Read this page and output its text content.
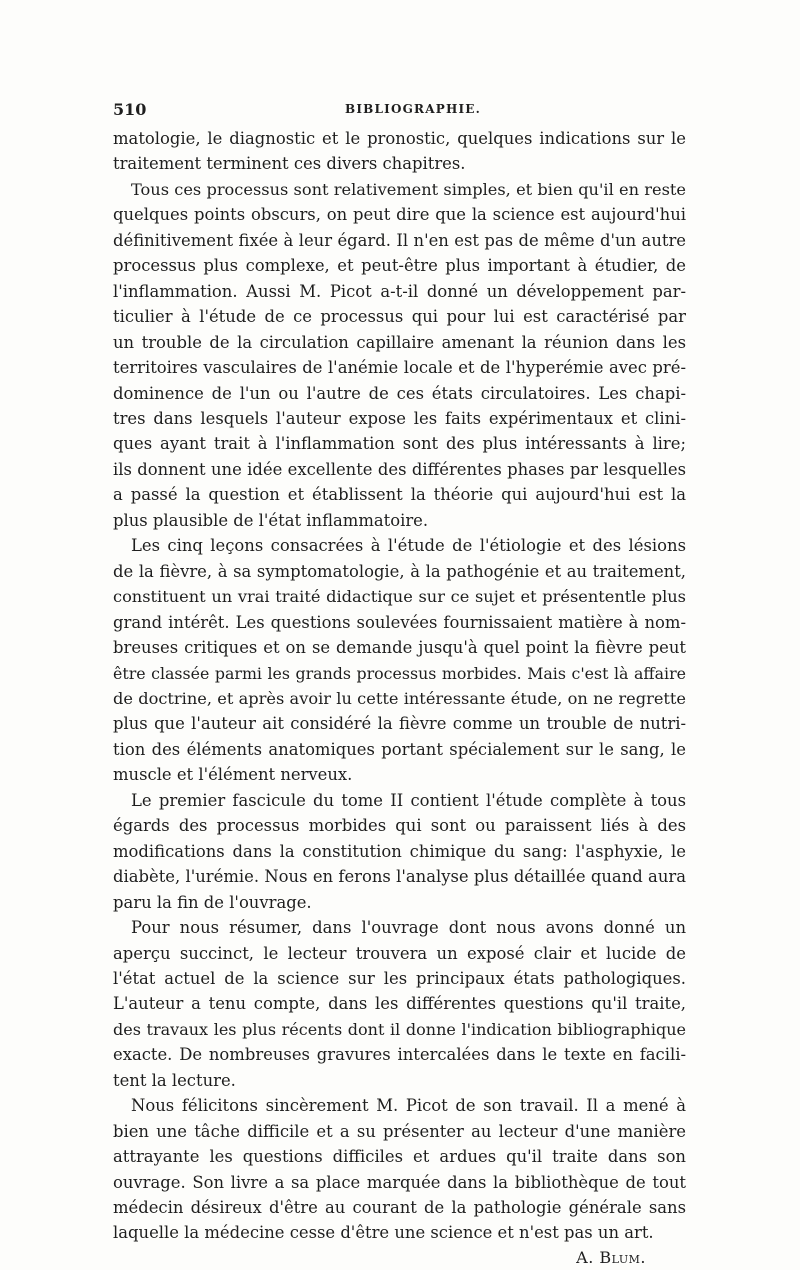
510	BIBLIOGRAPHIE.

matologie, le diagnostic et le pronostic, quelques indications sur le
traitement terminent ces divers chapitres.

Tous ces processus sont relativement simples, et bien qu'il en reste
quelques points obscurs, on peut dire que la science est aujourd'hui
définitivement fixée à leur égard. Il n'en est pas de même d'un autre
processus plus complexe, et peut-être plus important à étudier, de
l'inflammation. Aussi M. Picot a-t-il donné un développement par-
ticulier à l'étude de ce processus qui pour lui est caractérisé par
un trouble de la circulation capillaire amenant la réunion dans les
territoires vasculaires de l'anémie locale et de l'hyperémie avec pré-
dominence de l'un ou l'autre de ces états circulatoires. Les chapi-
tres dans lesquels l'auteur expose les faits expérimentaux et clini-
ques ayant trait à l'inflammation sont des plus intéressants à lire;
ils donnent une idée excellente des différentes phases par lesquelles
a passé la question et établissent la théorie qui aujourd'hui est la
plus plausible de l'état inflammatoire.

Les cinq leçons consacrées à l'étude de l'étiologie et des lésions
de la fièvre, à sa symptomatologie, à la pathogénie et au traitement,
constituent un vrai traité didactique sur ce sujet et présententle plus
grand intérêt. Les questions soulevées fournissaient matière à nom-
breuses critiques et on se demande jusqu'à quel point la fièvre peut
être classée parmi les grands processus morbides. Mais c'est là affaire
de doctrine, et après avoir lu cette intéressante étude, on ne regrette
plus que l'auteur ait considéré la fièvre comme un trouble de nutri-
tion des éléments anatomiques portant spécialement sur le sang, le
muscle et l'élément nerveux.

Le premier fascicule du tome II contient l'étude complète à tous
égards des processus morbides qui sont ou paraissent liés à des
modifications dans la constitution chimique du sang: l'asphyxie, le
diabète, l'urémie. Nous en ferons l'analyse plus détaillée quand aura
paru la fin de l'ouvrage.

Pour nous résumer, dans l'ouvrage dont nous avons donné un
aperçu succinct, le lecteur trouvera un exposé clair et lucide de
l'état actuel de la science sur les principaux états pathologiques.
L'auteur a tenu compte, dans les différentes questions qu'il traite,
des travaux les plus récents dont il donne l'indication bibliographique
exacte. De nombreuses gravures intercalées dans le texte en facili-
tent la lecture.

Nous félicitons sincèrement M. Picot de son travail. Il a mené à
bien une tâche difficile et a su présenter au lecteur d'une manière
attrayante les questions difficiles et ardues qu'il traite dans son
ouvrage. Son livre a sa place marquée dans la bibliothèque de tout
médecin désireux d'être au courant de la pathologie générale sans
laquelle la médecine cesse d'être une science et n'est pas un art.

A. Blum.
